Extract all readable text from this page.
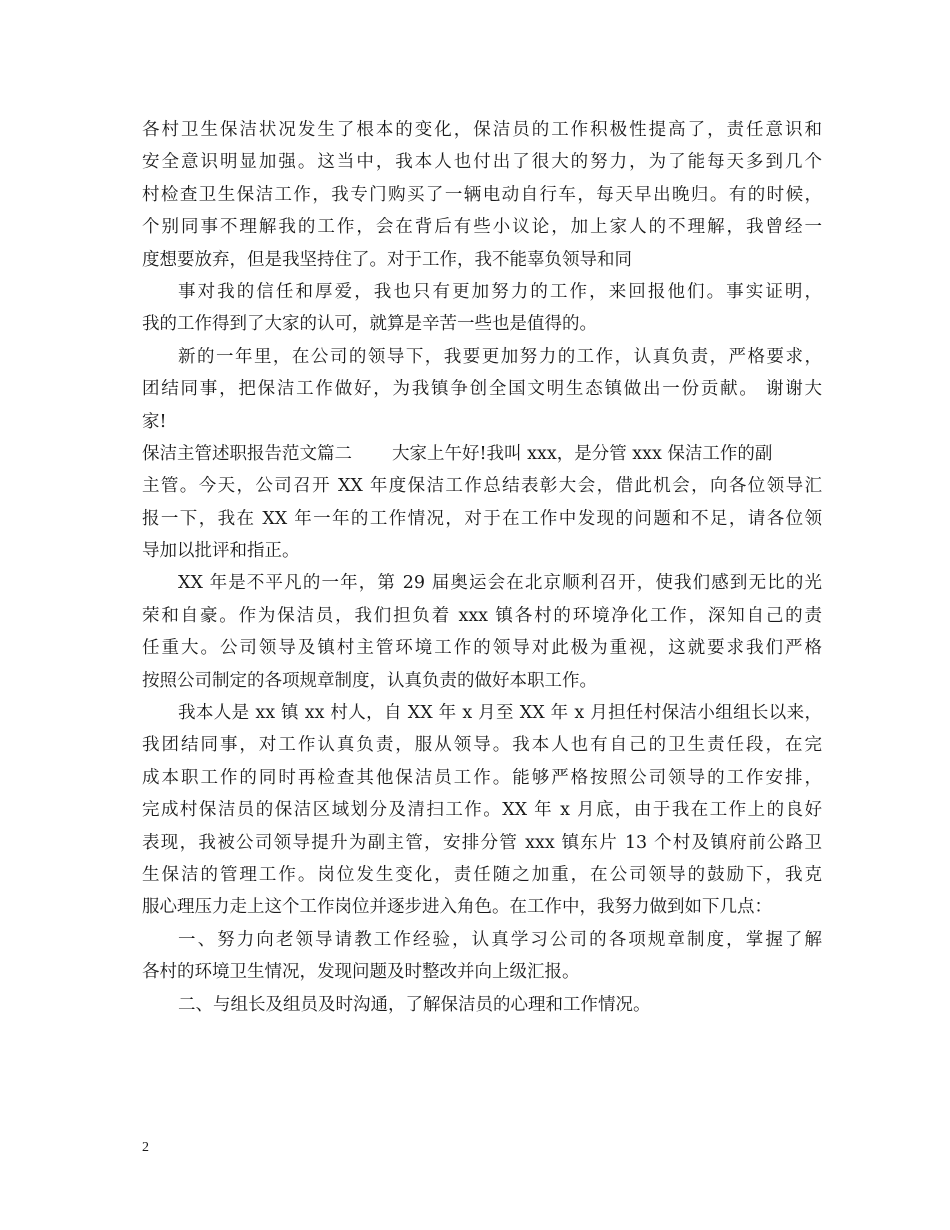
各村卫生保洁状况发生了根本的变化，保洁员的工作积极性提高了，责任意识和
安全意识明显加强。这当中，我本人也付出了很大的努力，为了能每天多到几个
村检查卫生保洁工作，我专门购买了一辆电动自行车，每天早出晚归。有的时候，
个别同事不理解我的工作，会在背后有些小议论，加上家人的不理解，我曾经一
度想要放弃，但是我坚持住了。对于工作，我不能辜负领导和同
事对我的信任和厚爱，我也只有更加努力的工作，来回报他们。事实证明，
我的工作得到了大家的认可，就算是辛苦一些也是值得的。
新的一年里，在公司的领导下，我要更加努力的工作，认真负责，严格要求，
团结同事，把保洁工作做好，为我镇争创全国文明生态镇做出一份贡献。 谢谢大
家!
保洁主管述职报告范文篇二 大家上午好!我叫 xxx，是分管 xxx 保洁工作的副
主管。今天，公司召开 XX 年度保洁工作总结表彰大会，借此机会，向各位领导汇
报一下，我在 XX 年一年的工作情况，对于在工作中发现的问题和不足，请各位领
导加以批评和指正。
XX 年是不平凡的一年，第 29 届奥运会在北京顺利召开，使我们感到无比的光
荣和自豪。作为保洁员，我们担负着 xxx 镇各村的环境净化工作，深知自己的责
任重大。公司领导及镇村主管环境工作的领导对此极为重视，这就要求我们严格
按照公司制定的各项规章制度，认真负责的做好本职工作。
我本人是 xx 镇 xx 村人，自 XX 年 x 月至 XX 年 x 月担任村保洁小组组长以来，
我团结同事，对工作认真负责，服从领导。我本人也有自己的卫生责任段，在完
成本职工作的同时再检查其他保洁员工作。能够严格按照公司领导的工作安排，
完成村保洁员的保洁区域划分及清扫工作。XX 年 x 月底，由于我在工作上的良好
表现，我被公司领导提升为副主管，安排分管 xxx 镇东片 13 个村及镇府前公路卫
生保洁的管理工作。岗位发生变化，责任随之加重，在公司领导的鼓励下，我克
服心理压力走上这个工作岗位并逐步进入角色。在工作中，我努力做到如下几点：
一、努力向老领导请教工作经验，认真学习公司的各项规章制度，掌握了解
各村的环境卫生情况，发现问题及时整改并向上级汇报。
二、与组长及组员及时沟通，了解保洁员的心理和工作情况。
2
